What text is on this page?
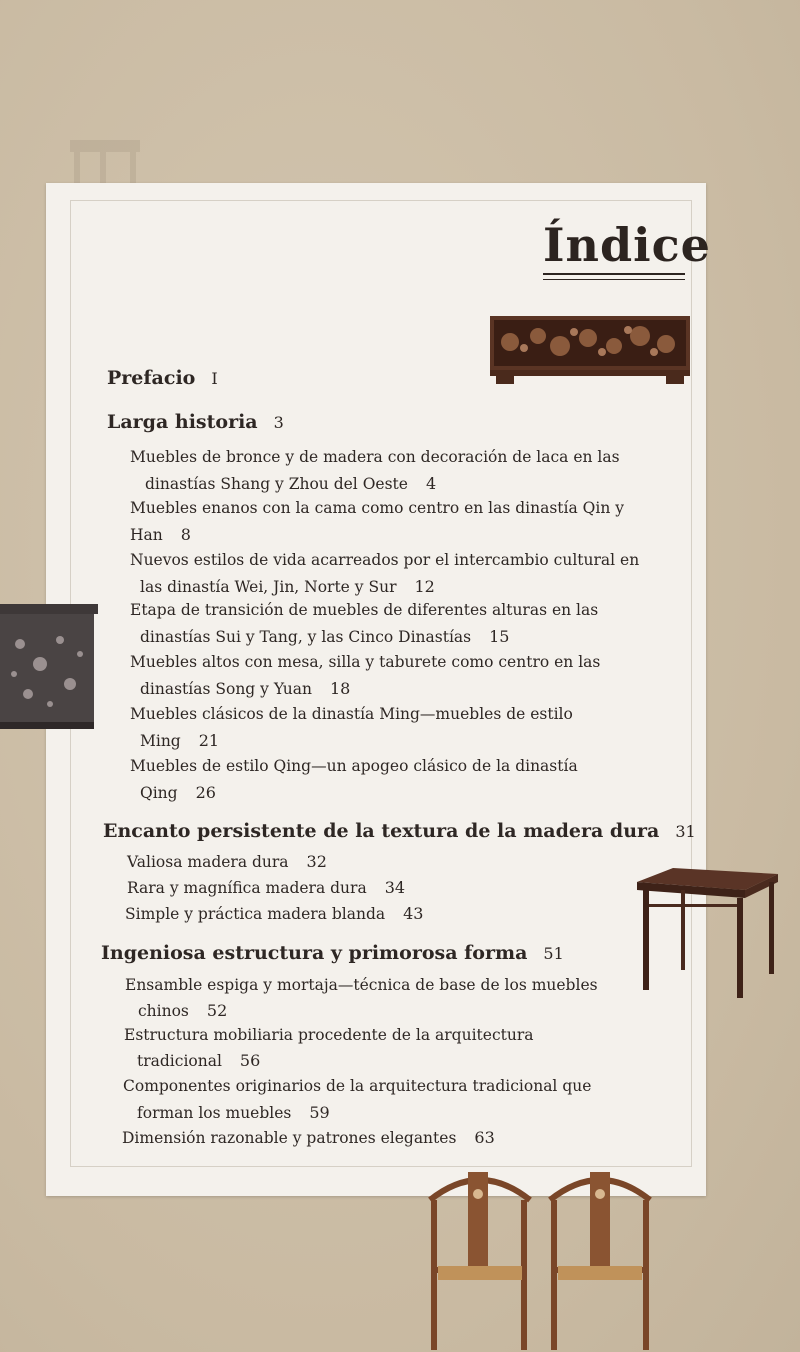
Índice
Prefacio I
Larga historia 3
Muebles de bronce y de madera con decoración de laca en las
dinastías Shang y Zhou del Oeste 4
Muebles enanos con la cama como centro en las dinastía Qin y
Han 8
Nuevos estilos de vida acarreados por el intercambio cultural en
las dinastía Wei, Jin, Norte y Sur 12
Etapa de transición de muebles de diferentes alturas en las
dinastías Sui y Tang, y las Cinco Dinastías 15
Muebles altos con mesa, silla y taburete como centro en las
dinastías Song y Yuan 18
Muebles clásicos de la dinastía Ming—muebles de estilo
Ming 21
Muebles de estilo Qing—un apogeo clásico de la dinastía
Qing 26
Encanto persistente de la textura de la madera dura 31
Valiosa madera dura 32
Rara y magnífica madera dura 34
Simple y práctica madera blanda 43
Ingeniosa estructura y primorosa forma 51
Ensamble espiga y mortaja—técnica de base de los muebles
chinos 52
Estructura mobiliaria procedente de la arquitectura
tradicional 56
Componentes originarios de la arquitectura tradicional que
forman los muebles 59
Dimensión razonable y patrones elegantes 63
